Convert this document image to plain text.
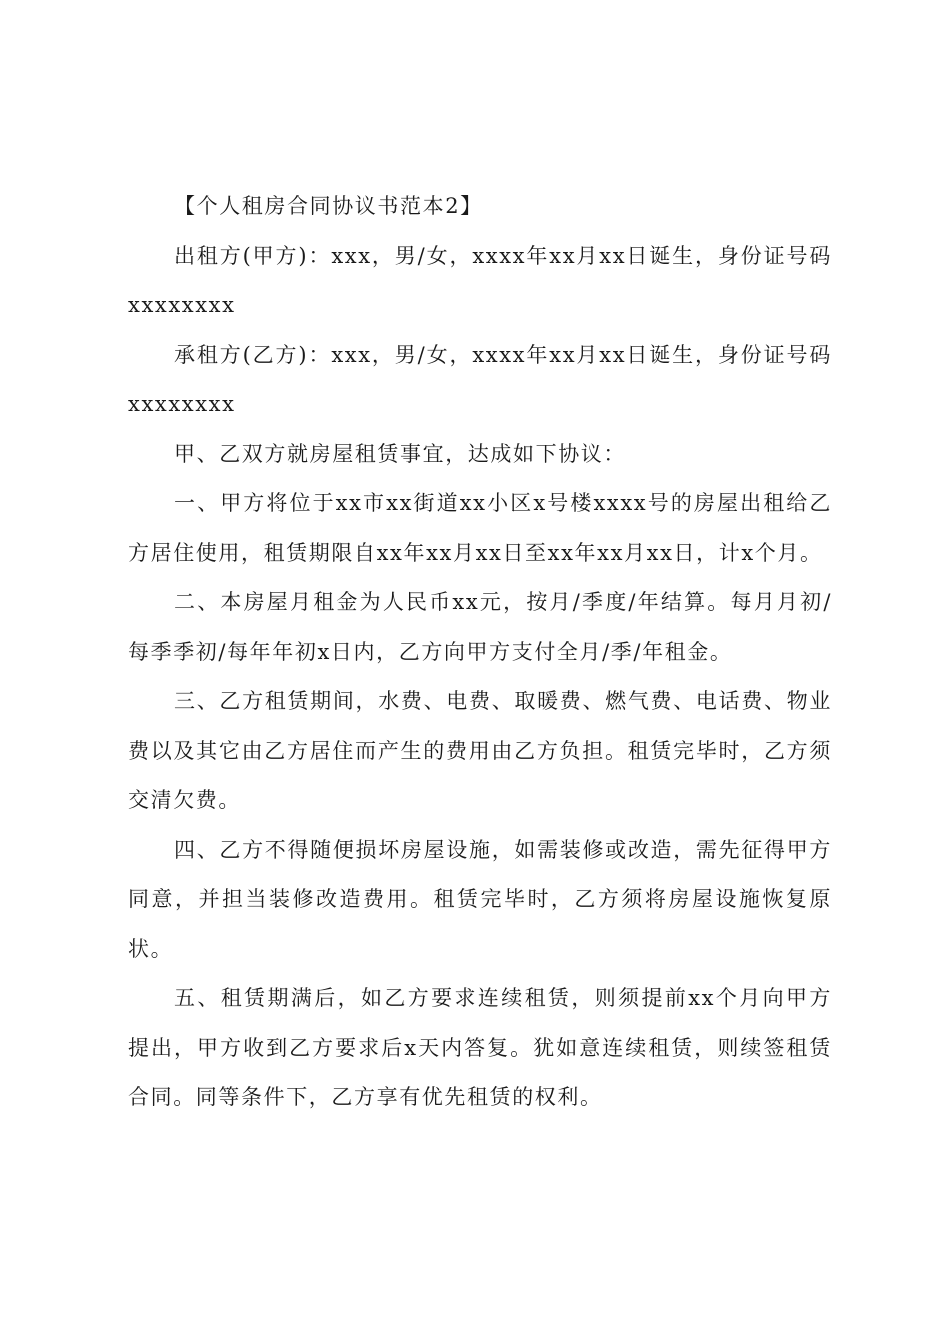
【个人租房合同协议书范本2】

出租方(甲方)：xxx，男/女，xxxx年xx月xx日诞生，身份证号码xxxxxxxx

承租方(乙方)：xxx，男/女，xxxx年xx月xx日诞生，身份证号码xxxxxxxx

甲、乙双方就房屋租赁事宜，达成如下协议：

一、甲方将位于xx市xx街道xx小区x号楼xxxx号的房屋出租给乙方居住使用，租赁期限自xx年xx月xx日至xx年xx月xx日，计x个月。

二、本房屋月租金为人民币xx元，按月/季度/年结算。每月月初/每季季初/每年年初x日内，乙方向甲方支付全月/季/年租金。

三、乙方租赁期间，水费、电费、取暖费、燃气费、电话费、物业费以及其它由乙方居住而产生的费用由乙方负担。租赁完毕时，乙方须交清欠费。

四、乙方不得随便损坏房屋设施，如需装修或改造，需先征得甲方同意，并担当装修改造费用。租赁完毕时，乙方须将房屋设施恢复原状。

五、租赁期满后，如乙方要求连续租赁，则须提前xx个月向甲方提出，甲方收到乙方要求后x天内答复。犹如意连续租赁，则续签租赁合同。同等条件下，乙方享有优先租赁的权利。
